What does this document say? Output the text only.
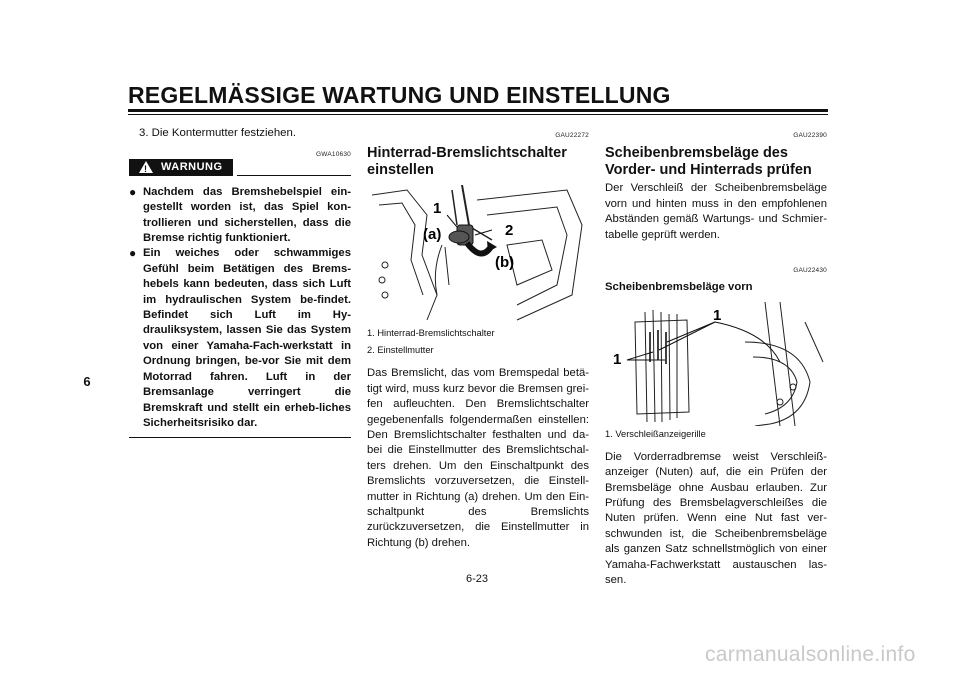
REGELMÄSSIGE WARTUNG UND EINSTELLUNG
6
3. Die Kontermutter festziehen.
GWA10630
!
WARNUNG
● Nachdem das Bremshebelspiel ein-gestellt worden ist, das Spiel kon-trollieren und sicherstellen, dass die Bremse richtig funktioniert.
● Ein weiches oder schwammiges Gefühl beim Betätigen des Brems-hebels kann bedeuten, dass sich Luft im hydraulischen System be-findet. Befindet sich Luft im Hy-drauliksystem, lassen Sie das System von einer Yamaha-Fach-werkstatt in Ordnung bringen, be-vor Sie mit dem Motorrad fahren. Luft in der Bremsanlage verringert die Bremskraft und stellt ein erheb-liches Sicherheitsrisiko dar.
GAU22272
Hinterrad-Bremslichtschalter einstellen
1
2
(a)
(b)
1. Hinterrad-Bremslichtschalter
2. Einstellmutter
Das Bremslicht, das vom Bremspedal betä-tigt wird, muss kurz bevor die Bremsen grei-fen aufleuchten. Den Bremslichtschalter gegebenenfalls folgendermaßen einstellen: Den Bremslichtschalter festhalten und da-bei die Einstellmutter des Bremslichtschal-ters drehen. Um den Einschaltpunkt des Bremslichts vorzuversetzen, die Einstell-mutter in Richtung (a) drehen. Um den Ein-schaltpunkt des Bremslichts zurückzuversetzen, die Einstellmutter in Richtung (b) drehen.
GAU22390
Scheibenbremsbeläge des Vorder- und Hinterrads prüfen
Der Verschleiß der Scheibenbremsbeläge vorn und hinten muss in den empfohlenen Abständen gemäß Wartungs- und Schmier-tabelle geprüft werden.
GAU22430
Scheibenbremsbeläge vorn
1
1
1. Verschleißanzeigerille
Die Vorderradbremse weist Verschleiß-anzeiger (Nuten) auf, die ein Prüfen der Bremsbeläge ohne Ausbau erlauben. Zur Prüfung des Bremsbelagverschleißes die Nuten prüfen. Wenn eine Nut fast ver-schwunden ist, die Scheibenbremsbeläge als ganzen Satz schnellstmöglich von einer Yamaha-Fachwerkstatt austauschen las-sen.
6-23
carmanualsonline.info
